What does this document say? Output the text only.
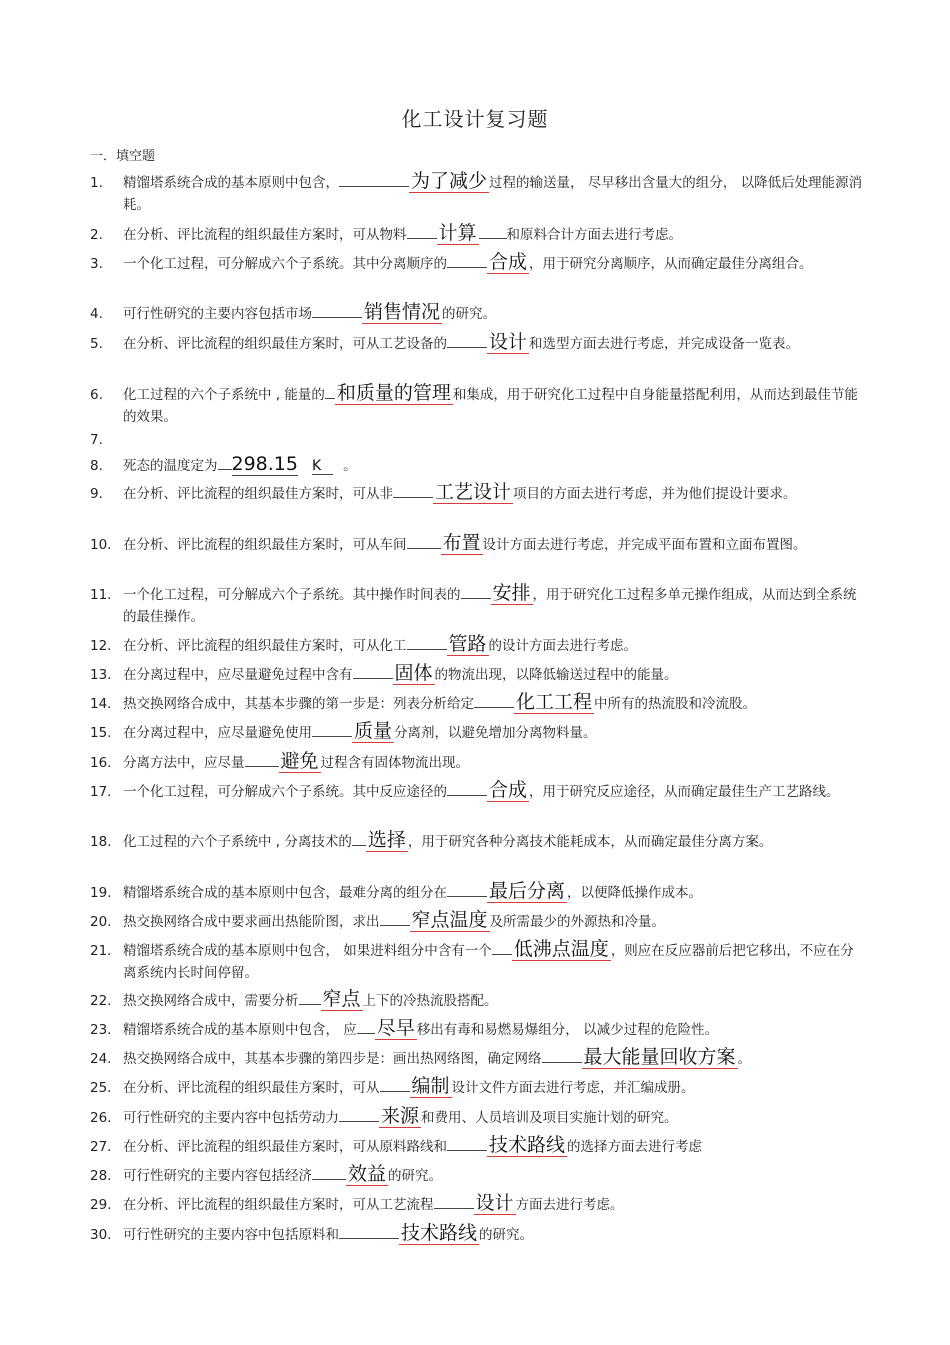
化工设计复习题
一．填空题
1.	精馏塔系统合成的基本原则中包含，	为了减少 过程的输送量， 尽早移出含量大的组分， 以降低后处理能源消耗。
2.	在分析、评比流程的组织最佳方案时，可从物料 计算 和原料合计方面去进行考虑。
3.	一个化工过程，可分解成六个子系统。其中分离顺序的 合成 ，用于研究分离顺序，从而确定最佳分离组合。
4.	可行性研究的主要内容包括市场	销售情况 的研究。
5.	在分析、评比流程的组织最佳方案时，可从工艺设备的 设计 和选型方面去进行考虑，并完成设备一览表。
6.	化工过程的六个子系统中 , 能量的 和质量的管理 和集成，用于研究化工过程中自身能量搭配利用，从而达到最佳节能的效果。
7.
8.	死态的温度定为 298.15 K 。
9.	在分析、评比流程的组织最佳方案时，可从非 工艺设计 项目的方面去进行考虑，并为他们提设计要求。
10. 在分析、评比流程的组织最佳方案时，可从车间 布置 设计方面去进行考虑，并完成平面布置和立面布置图。
11. 一个化工过程，可分解成六个子系统。其中操作时间表的 安排 ，用于研究化工过程多单元操作组成，从而达到全系统的最佳操作。
12. 在分析、评比流程的组织最佳方案时，可从化工 管路 的设计方面去进行考虑。
13. 在分离过程中，应尽量避免过程中含有 固体 的物流出现，以降低输送过程中的能量。
14. 热交换网络合成中，其基本步骤的第一步是：列表分析给定 化工工程 中所有的热流股和冷流股。
15. 在分离过程中，应尽量避免使用 质量 分离剂，以避免增加分离物料量。
16. 分离方法中，应尽量 避免 过程含有固体物流出现。
17. 一个化工过程，可分解成六个子系统。其中反应途径的 合成 ，用于研究反应途径，从而确定最佳生产工艺路线。
18. 化工过程的六个子系统中 , 分离技术的 选择 ，用于研究各种分离技术能耗成本，从而确定最佳分离方案。
19. 精馏塔系统合成的基本原则中包含，最难分离的组分在 最后分离 ，以便降低操作成本。
20. 热交换网络合成中要求画出热能阶图，求出 窄点温度 及所需最少的外源热和冷量。
21. 精馏塔系统合成的基本原则中包含， 如果进料组分中含有一个 低沸点温度 ，则应在反应器前后把它移出，不应在分离系统内长时间停留。
22. 热交换网络合成中，需要分析 窄点 上下的冷热流股搭配。
23. 精馏塔系统合成的基本原则中包含， 应 尽早 移出有毒和易燃易爆组分， 以减少过程的危险性。
24. 热交换网络合成中，其基本步骤的第四步是：画出热网络图，确定网络 最大能量回收方案 。
25. 在分析、评比流程的组织最佳方案时，可从 编制 设计文件方面去进行考虑，并汇编成册。
26. 可行性研究的主要内容中包括劳动力 来源 和费用、人员培训及项目实施计划的研究。
27. 在分析、评比流程的组织最佳方案时，可从原料路线和 技术路线 的选择方面去进行考虑
28. 可行性研究的主要内容包括经济 效益 的研究。
29. 在分析、评比流程的组织最佳方案时，可从工艺流程 设计 方面去进行考虑。
30. 可行性研究的主要内容中包括原料和	技术路线 的研究。
